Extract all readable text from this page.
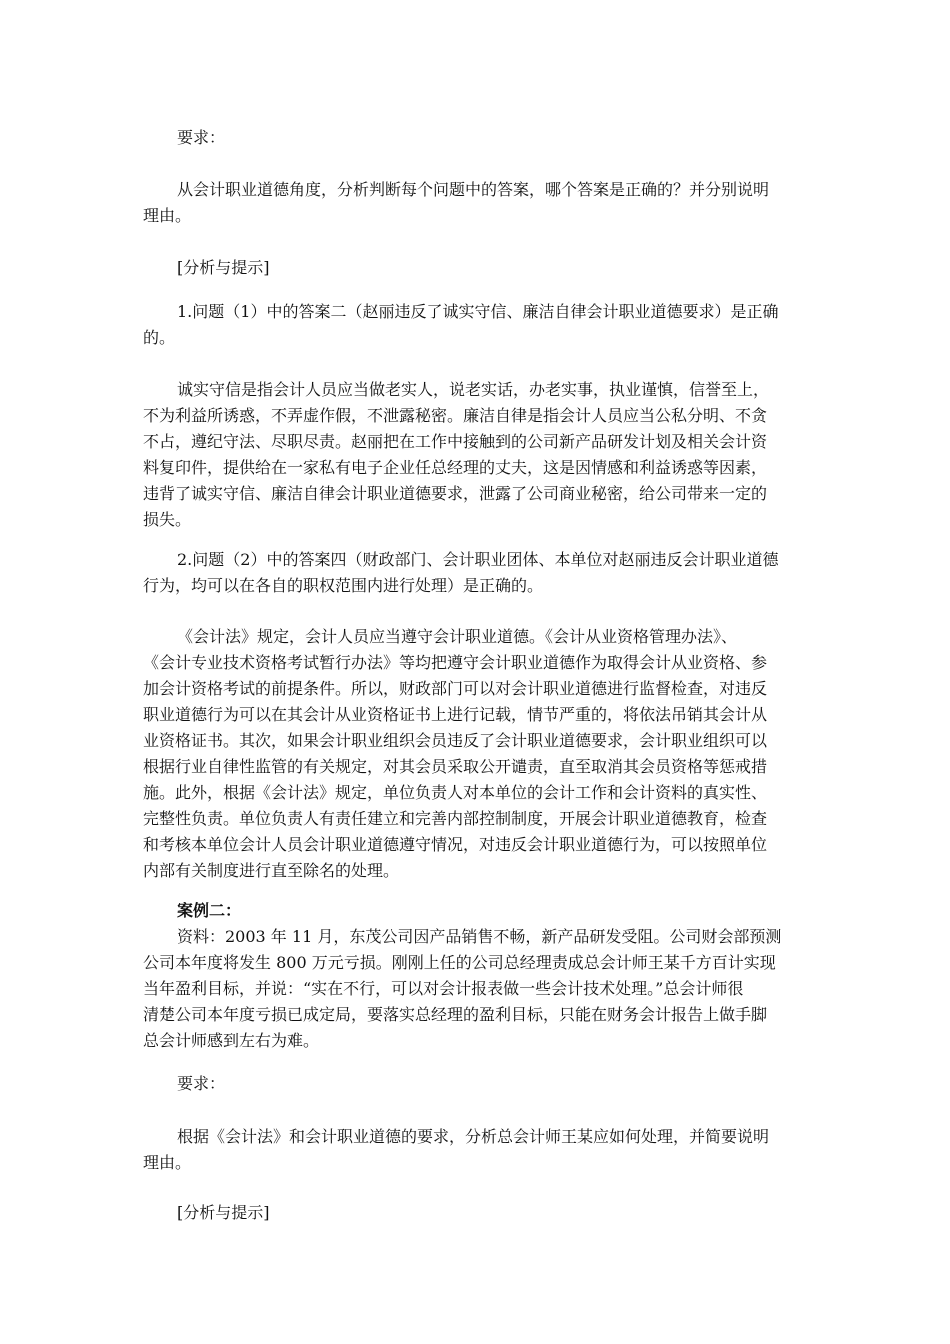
要求：
从会计职业道德角度，分析判断每个问题中的答案，哪个答案是正确的？并分别说明
理由。
[分析与提示]
1.问题（1）中的答案二（赵丽违反了诚实守信、廉洁自律会计职业道德要求）是正确
的。
诚实守信是指会计人员应当做老实人，说老实话，办老实事，执业谨慎，信誉至上，
不为利益所诱惑，不弄虚作假，不泄露秘密。廉洁自律是指会计人员应当公私分明、不贪
不占，遵纪守法、尽职尽责。赵丽把在工作中接触到的公司新产品研发计划及相关会计资
料复印件，提供给在一家私有电子企业任总经理的丈夫，这是因情感和利益诱惑等因素，
违背了诚实守信、廉洁自律会计职业道德要求，泄露了公司商业秘密，给公司带来一定的
损失。
2.问题（2）中的答案四（财政部门、会计职业团体、本单位对赵丽违反会计职业道德
行为，均可以在各自的职权范围内进行处理）是正确的。
《会计法》规定，会计人员应当遵守会计职业道德。《会计从业资格管理办法》、
《会计专业技术资格考试暂行办法》等均把遵守会计职业道德作为取得会计从业资格、参
加会计资格考试的前提条件。所以，财政部门可以对会计职业道德进行监督检查，对违反
职业道德行为可以在其会计从业资格证书上进行记载，情节严重的，将依法吊销其会计从
业资格证书。其次，如果会计职业组织会员违反了会计职业道德要求，会计职业组织可以
根据行业自律性监管的有关规定，对其会员采取公开谴责，直至取消其会员资格等惩戒措
施。此外，根据《会计法》规定，单位负责人对本单位的会计工作和会计资料的真实性、
完整性负责。单位负责人有责任建立和完善内部控制制度，开展会计职业道德教育，检查
和考核本单位会计人员会计职业道德遵守情况，对违反会计职业道德行为，可以按照单位
内部有关制度进行直至除名的处理。
案例二：
资料：2003 年 11 月，东茂公司因产品销售不畅，新产品研发受阻。公司财会部预测
公司本年度将发生 800 万元亏损。刚刚上任的公司总经理责成总会计师王某千方百计实现
当年盈利目标，并说：“实在不行，可以对会计报表做一些会计技术处理。”总会计师很
清楚公司本年度亏损已成定局，要落实总经理的盈利目标，只能在财务会计报告上做手脚
总会计师感到左右为难。
要求：
根据《会计法》和会计职业道德的要求，分析总会计师王某应如何处理，并简要说明
理由。
[分析与提示]
